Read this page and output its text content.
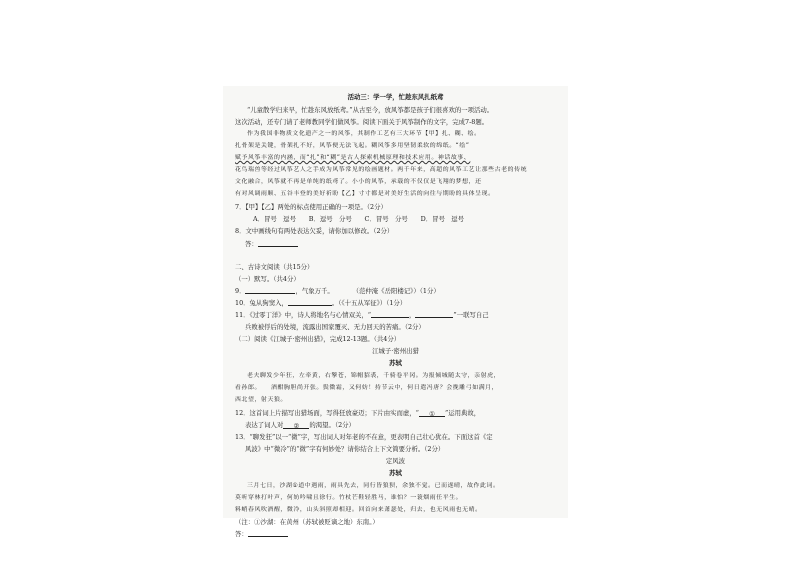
活动三：学一学，忙趁东风扎纸鸢
“儿童散学归来早，忙趁东风放纸鸢。”从古至今，放风筝都是孩子们很喜欢的一项活动。
这次活动，还专门请了老师教同学们做风筝。阅读下面关于风筝制作的文字，完成7-8题。
作为我国非物质文化遗产之一的风筝，其制作工艺有三大环节【甲】扎、糊、绘。
扎骨架是关键，骨架扎不好，风筝便无法飞起。糊风筝多用坚韧柔软的绵纸。“绘”
赋予风筝丰富的内涵，而“扎”和“糊”是古人探索机械原理和技术应用。神话故事、
花鸟瑞兽等经过风筝艺人之手成为风筝常见的绘画题材。两千年来，高超的风筝工艺让那些古老的传统
文化融合，风筝就不再是单纯的纸鸢了。小小的风筝，承载的不仅仅是飞翔的梦想，还
有对风调雨顺、五谷丰登的美好祈盼【乙】寸寸都是对美好生活的向往与期盼的具体呈现。
7．【甲】【乙】两处的标点使用正确的一项是。（2分）
A．冒号　逗号　　B．逗号　分号　　C．冒号　分号　　D．冒号　逗号
8．文中画线句有两处表达欠妥，请你加以修改。（2分）
答：
二、古诗文阅读（共15分）
（一）默写。（共4分）
9．	，气象万千。	（范仲淹《岳阳楼记》）（1分）
10．兔从狗窦入，	。（《十五从军征》）（1分）
11．《过零丁洋》中，诗人将地名与心情双关，“	，	”一联写自己
兵败被俘后的处境，流露出国家覆灭、无力回天的苦痛。（2分）
（二）阅读《江城子·密州出猎》，完成12-13题。（共4分）
江城子·密州出猎
苏轼
老夫聊发少年狂，左牵黄，右擎苍，锦帽貂裘，千骑卷平冈。为报倾城随太守，亲射虎，
看孙郎。　　酒酣胸胆尚开张。鬓微霜，又何妨！持节云中，何日遣冯唐？会挽雕弓如满月，
西北望，射天狼。
12．这首词上片描写出猎场面，写得狂放豪迈；下片由实而虚，“ ① ”运用典故，
表达了词人对 ② 的渴望。（2分）
13．“聊发狂”以一“微”字，写出词人对年老的不在意，更表明自己壮心犹在。下面这首《定
风波》中“微冷”的“微”字有何妙处？请你结合上下文简要分析。（2分）
定风波
苏轼
三月七日，沙湖①道中遇雨，雨具先去，同行皆狼狈，余独不觉。已而遂晴，故作此词。
莫听穿林打叶声，何妨吟啸且徐行。竹杖芒鞋轻胜马，谁怕？一蓑烟雨任平生。
料峭春风吹酒醒，微冷，山头斜照却相迎。回首向来萧瑟处，归去，也无风雨也无晴。
（注：①沙湖：在黄州（苏轼被贬谪之地）东南。）
答：
